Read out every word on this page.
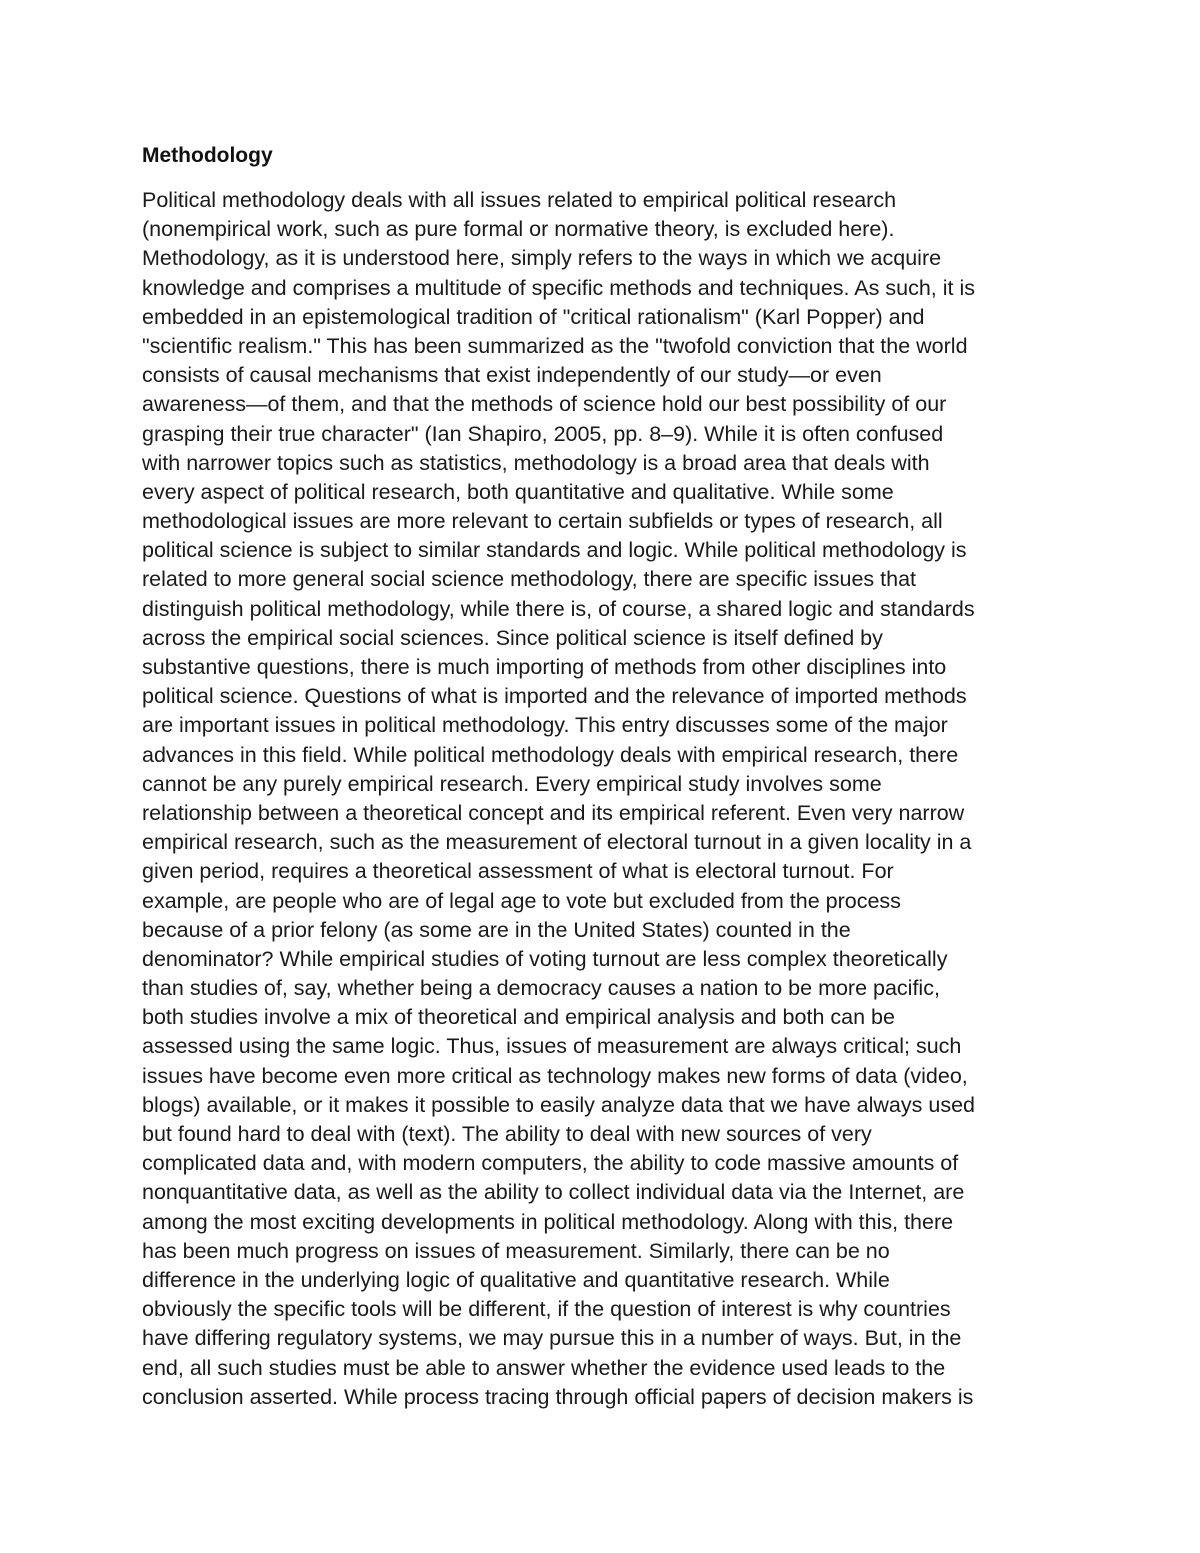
Methodology
Political methodology deals with all issues related to empirical political research
(nonempirical work, such as pure formal or normative theory, is excluded here).
Methodology, as it is understood here, simply refers to the ways in which we acquire
knowledge and comprises a multitude of specific methods and techniques. As such, it is
embedded in an epistemological tradition of "critical rationalism" (Karl Popper) and
"scientific realism." This has been summarized as the "twofold conviction that the world
consists of causal mechanisms that exist independently of our study—or even
awareness—of them, and that the methods of science hold our best possibility of our
grasping their true character" (Ian Shapiro, 2005, pp. 8–9). While it is often confused
with narrower topics such as statistics, methodology is a broad area that deals with
every aspect of political research, both quantitative and qualitative. While some
methodological issues are more relevant to certain subfields or types of research, all
political science is subject to similar standards and logic. While political methodology is
related to more general social science methodology, there are specific issues that
distinguish political methodology, while there is, of course, a shared logic and standards
across the empirical social sciences. Since political science is itself defined by
substantive questions, there is much importing of methods from other disciplines into
political science. Questions of what is imported and the relevance of imported methods
are important issues in political methodology. This entry discusses some of the major
advances in this field. While political methodology deals with empirical research, there
cannot be any purely empirical research. Every empirical study involves some
relationship between a theoretical concept and its empirical referent. Even very narrow
empirical research, such as the measurement of electoral turnout in a given locality in a
given period, requires a theoretical assessment of what is electoral turnout. For
example, are people who are of legal age to vote but excluded from the process
because of a prior felony (as some are in the United States) counted in the
denominator? While empirical studies of voting turnout are less complex theoretically
than studies of, say, whether being a democracy causes a nation to be more pacific,
both studies involve a mix of theoretical and empirical analysis and both can be
assessed using the same logic. Thus, issues of measurement are always critical; such
issues have become even more critical as technology makes new forms of data (video,
blogs) available, or it makes it possible to easily analyze data that we have always used
but found hard to deal with (text). The ability to deal with new sources of very
complicated data and, with modern computers, the ability to code massive amounts of
nonquantitative data, as well as the ability to collect individual data via the Internet, are
among the most exciting developments in political methodology. Along with this, there
has been much progress on issues of measurement. Similarly, there can be no
difference in the underlying logic of qualitative and quantitative research. While
obviously the specific tools will be different, if the question of interest is why countries
have differing regulatory systems, we may pursue this in a number of ways. But, in the
end, all such studies must be able to answer whether the evidence used leads to the
conclusion asserted. While process tracing through official papers of decision makers is
